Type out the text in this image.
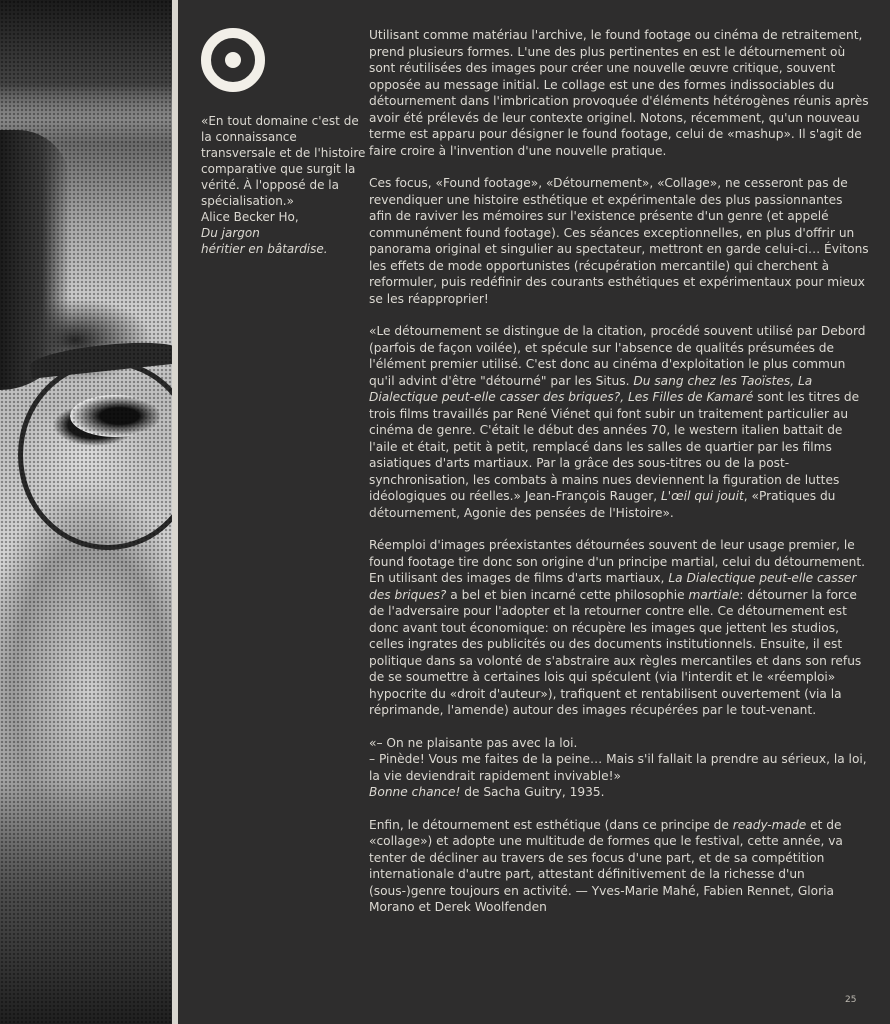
«En tout domaine c'est de la connaissance transversale et de l'histoire comparative que surgit la vérité. À l'opposé de la spécialisation.»

Alice Becker Ho,

Du jargon

héritier en bâtardise.

Utilisant comme matériau l'archive, le found footage ou cinéma de retraitement, prend plusieurs formes. L'une des plus pertinentes en est le détournement où sont réutilisées des images pour créer une nouvelle œuvre critique, souvent opposée au message initial. Le collage est une des formes indissociables du détournement dans l'imbrication provoquée d'éléments hétérogènes réunis après avoir été prélevés de leur contexte originel. Notons, récemment, qu'un nouveau terme est apparu pour désigner le found footage, celui de «mashup». Il s'agit de faire croire à l'invention d'une nouvelle pratique.

Ces focus, «Found footage», «Détournement», «Collage», ne cesseront pas de revendiquer une histoire esthétique et expérimentale des plus passionnantes afin de raviver les mémoires sur l'existence présente d'un genre (et appelé communément found footage). Ces séances exceptionnelles, en plus d'offrir un panorama original et singulier au spectateur, mettront en garde celui-ci… Évitons les effets de mode opportunistes (récupération mercantile) qui cherchent à reformuler, puis redéfinir des courants esthétiques et expérimentaux pour mieux se les réapproprier!

«Le détournement se distingue de la citation, procédé souvent utilisé par Debord (parfois de façon voilée), et spécule sur l'absence de qualités présumées de l'élément premier utilisé. C'est donc au cinéma d'exploitation le plus commun qu'il advint d'être "détourné" par les Situs. Du sang chez les Taoïstes, La Dialectique peut-elle casser des briques?, Les Filles de Kamaré sont les titres de trois films travaillés par René Viénet qui font subir un traitement particulier au cinéma de genre. C'était le début des années 70, le western italien battait de l'aile et était, petit à petit, remplacé dans les salles de quartier par les films asiatiques d'arts martiaux. Par la grâce des sous-titres ou de la post-synchronisation, les combats à mains nues deviennent la figuration de luttes idéologiques ou réelles.» Jean-François Rauger, L'œil qui jouit, «Pratiques du détournement, Agonie des pensées de l'Histoire».

Réemploi d'images préexistantes détournées souvent de leur usage premier, le found footage tire donc son origine d'un principe martial, celui du détournement. En utilisant des images de films d'arts martiaux, La Dialectique peut-elle casser des briques? a bel et bien incarné cette philosophie martiale: détourner la force de l'adversaire pour l'adopter et la retourner contre elle. Ce détournement est donc avant tout économique: on récupère les images que jettent les studios, celles ingrates des publicités ou des documents institutionnels. Ensuite, il est politique dans sa volonté de s'abstraire aux règles mercantiles et dans son refus de se soumettre à certaines lois qui spéculent (via l'interdit et le «réemploi» hypocrite du «droit d'auteur»), trafiquent et rentabilisent ouvertement (via la réprimande, l'amende) autour des images récupérées par le tout-venant.

«– On ne plaisante pas avec la loi.
– Pinède! Vous me faites de la peine… Mais s'il fallait la prendre au sérieux, la loi, la vie deviendrait rapidement invivable!»
Bonne chance! de Sacha Guitry, 1935.

Enfin, le détournement est esthétique (dans ce principe de ready-made et de «collage») et adopte une multitude de formes que le festival, cette année, va tenter de décliner au travers de ses focus d'une part, et de sa compétition internationale d'autre part, attestant définitivement de la richesse d'un (sous-)genre toujours en activité. — Yves-Marie Mahé, Fabien Rennet, Gloria Morano et Derek Woolfenden

25
